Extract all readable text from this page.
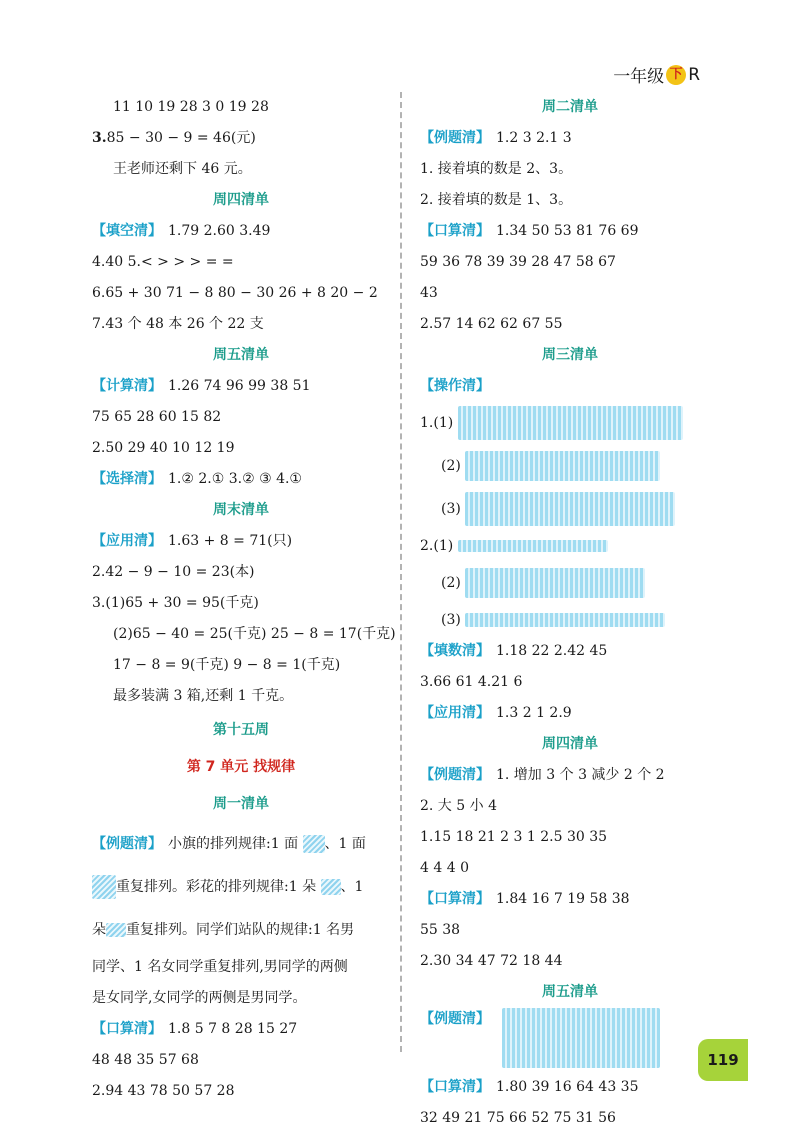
一年级 下 R
11 10 19 28 3 0 19 28
3.85 − 30 − 9 = 46(元)
王老师还剩下 46 元。
周四清单
【填空清】 1.79 2.60 3.49
4.40 5.< > > > = =
6.65 + 30 71 − 8 80 − 30 26 + 8 20 − 2
7.43 个 48 本 26 个 22 支
周五清单
【计算清】 1.26 74 96 99 38 51
75 65 28 60 15 82
2.50 29 40 10 12 19
【选择清】 1.② 2.① 3.② ③ 4.①
周末清单
【应用清】 1.63 + 8 = 71(只)
2.42 − 9 − 10 = 23(本)
3.(1)65 + 30 = 95(千克)
(2)65 − 40 = 25(千克) 25 − 8 = 17(千克)
17 − 8 = 9(千克) 9 − 8 = 1(千克)
最多装满 3 箱,还剩 1 千克。
第十五周
第 7 单元 找规律
周一清单
【例题清】 小旗的排列规律:1 面 、1 面
重复排列。彩花的排列规律:1 朵 、1
朵 重复排列。同学们站队的规律:1 名男
同学、1 名女同学重复排列,男同学的两侧
是女同学,女同学的两侧是男同学。
【口算清】 1.8 5 7 8 28 15 27
48 48 35 57 68
2.94 43 78 50 57 28
周二清单
【例题清】 1.2 3 2.1 3
1. 接着填的数是 2、3。
2. 接着填的数是 1、3。
【口算清】 1.34 50 53 81 76 69
59 36 78 39 39 28 47 58 67
43
2.57 14 62 62 67 55
周三清单
【操作清】
1.(1)
(2)
(3)
2.(1)
(2)
(3)
【填数清】 1.18 22 2.42 45
3.66 61 4.21 6
【应用清】 1.3 2 1 2.9
周四清单
【例题清】 1. 增加 3 个 3 减少 2 个 2
2. 大 5 小 4
1.15 18 21 2 3 1 2.5 30 35
4 4 4 0
【口算清】 1.84 16 7 19 58 38
55 38
2.30 34 47 72 18 44
周五清单
【例题清】
【口算清】 1.80 39 16 64 43 35
32 49 21 75 66 52 75 31 56
119
